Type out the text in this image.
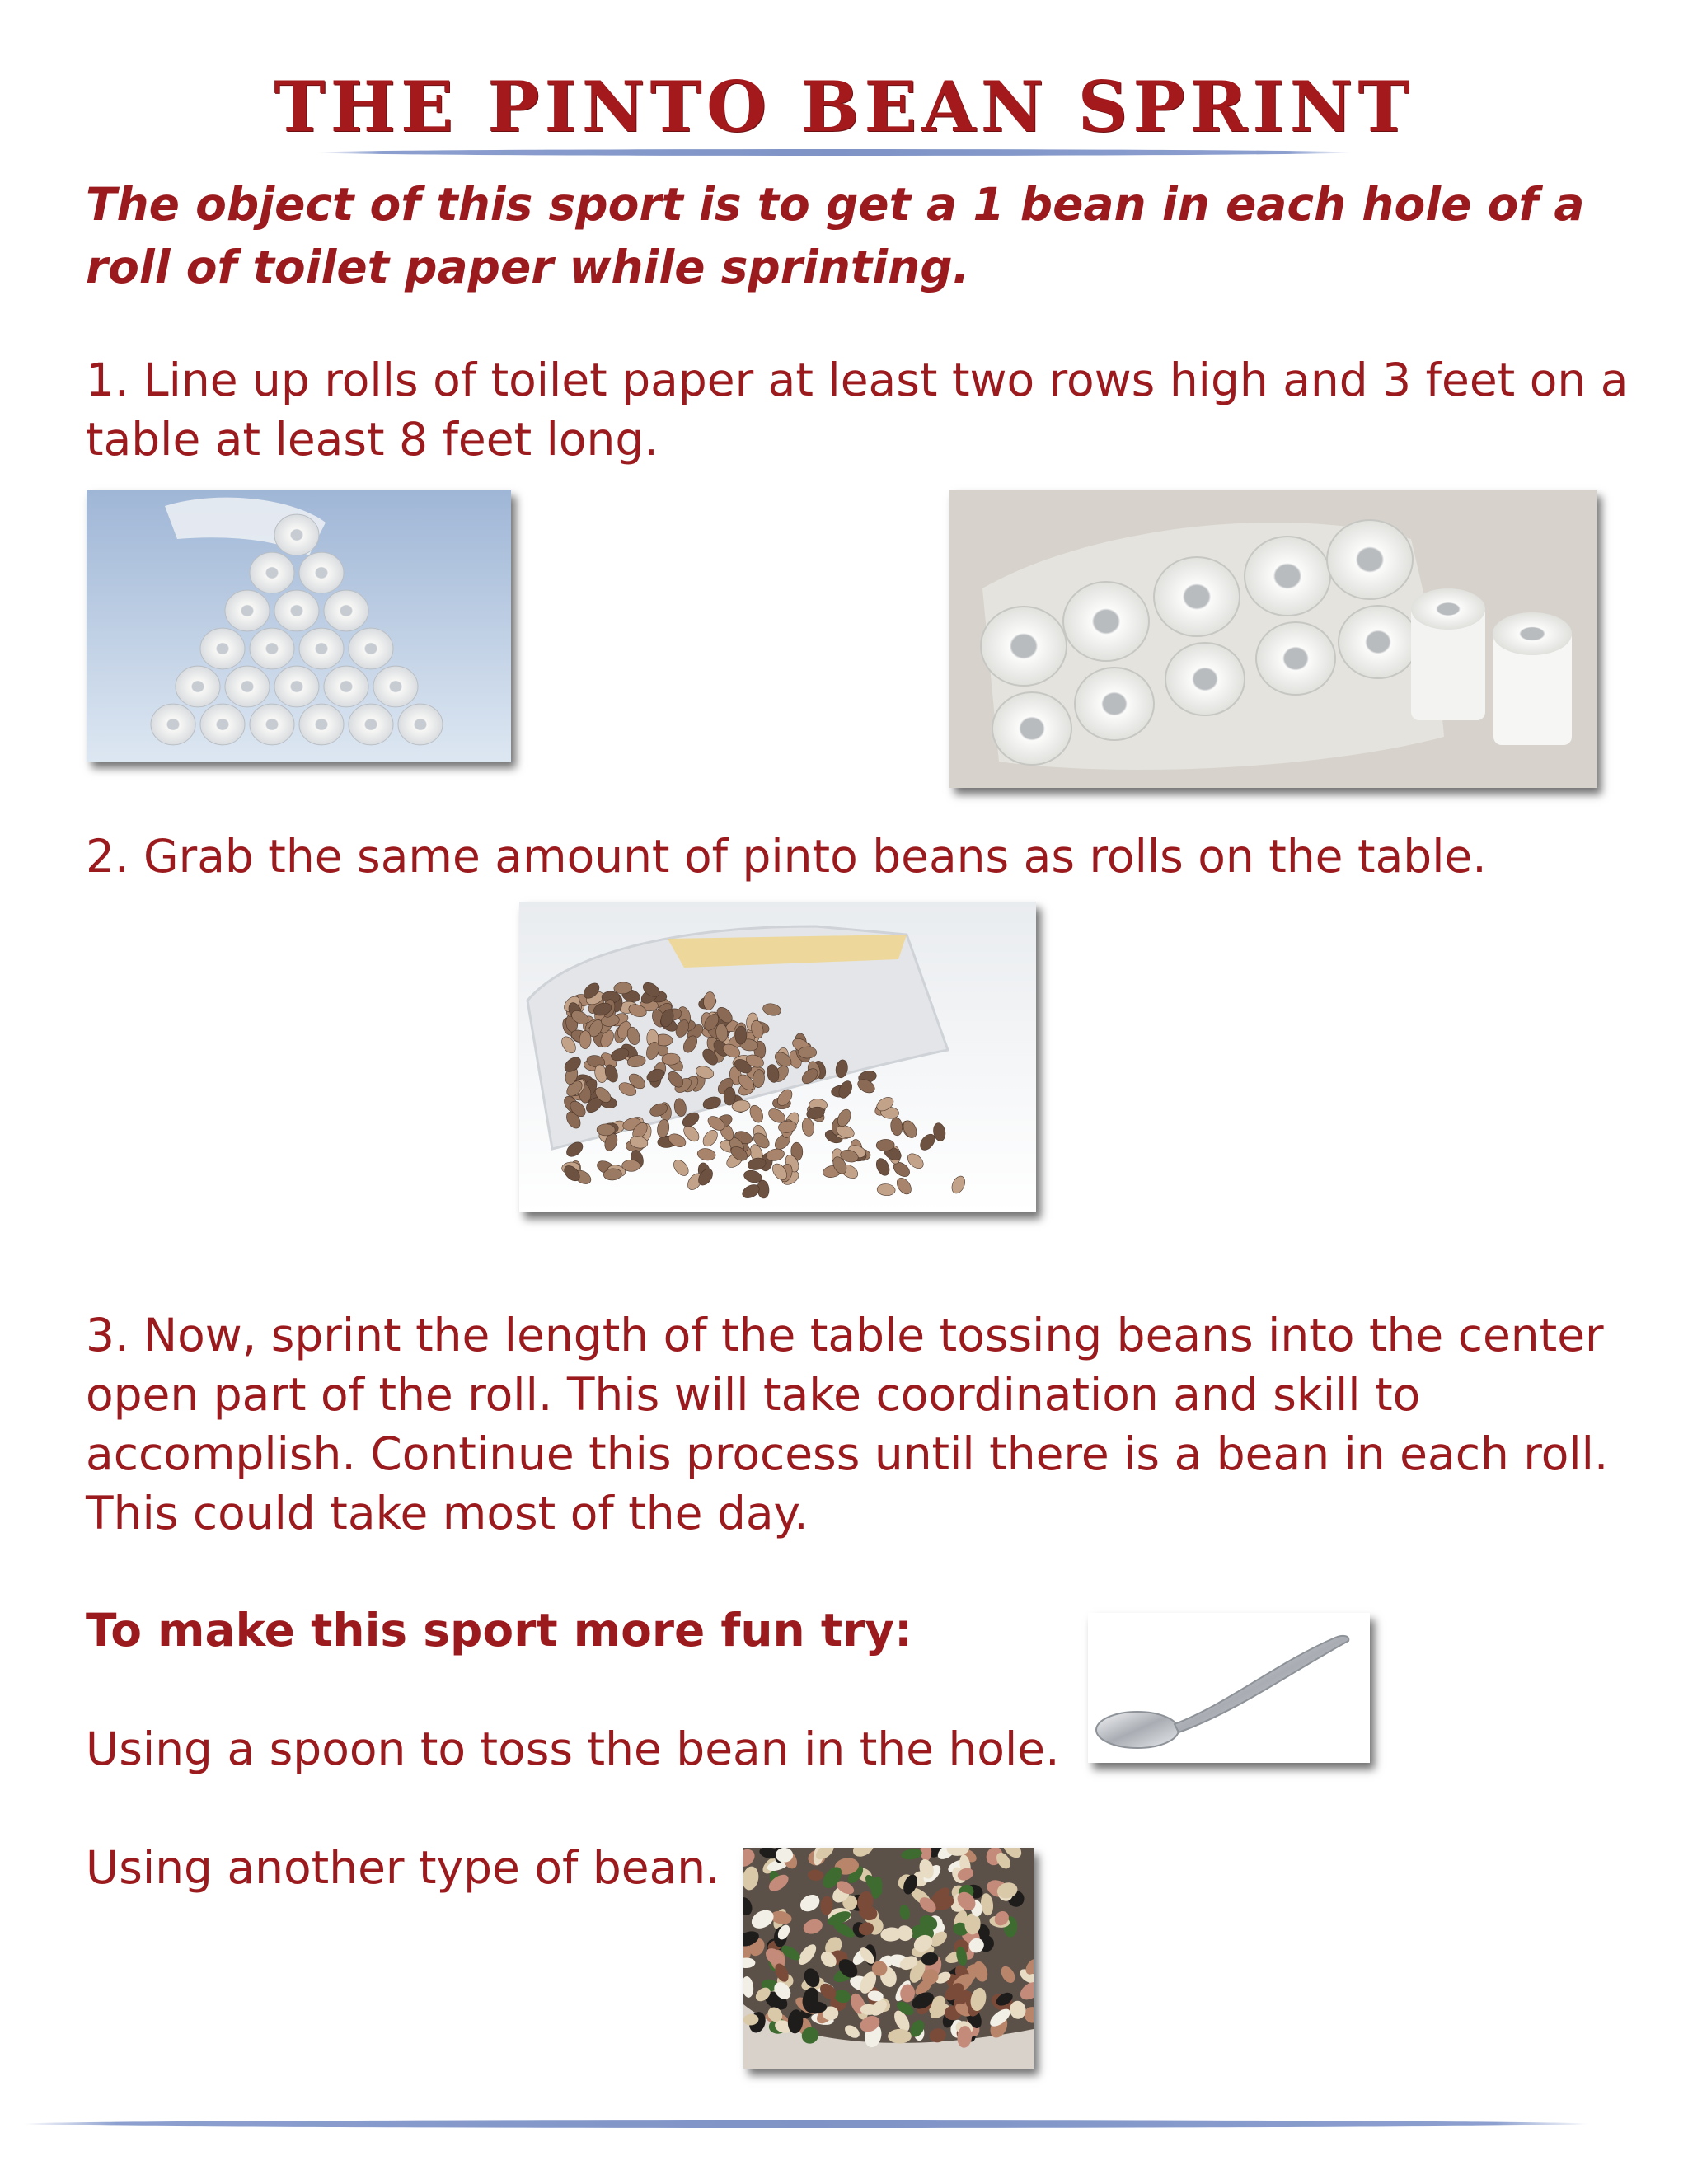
THE PINTO BEAN SPRINT
The object of this sport is to get a 1 bean in each hole of a roll of toilet paper while sprinting.
1. Line up rolls of toilet paper at least two rows high and 3 feet on a table at least 8 feet long.
2. Grab the same amount of pinto beans as rolls on the table.
3. Now, sprint the length of the table tossing beans into the center open part of the roll. This will take coordination and skill to accomplish. Continue this process until there is a bean in each roll. This could take most of the day.
To make this sport more fun try:
Using a spoon to toss the bean in the hole.
Using another type of bean.
